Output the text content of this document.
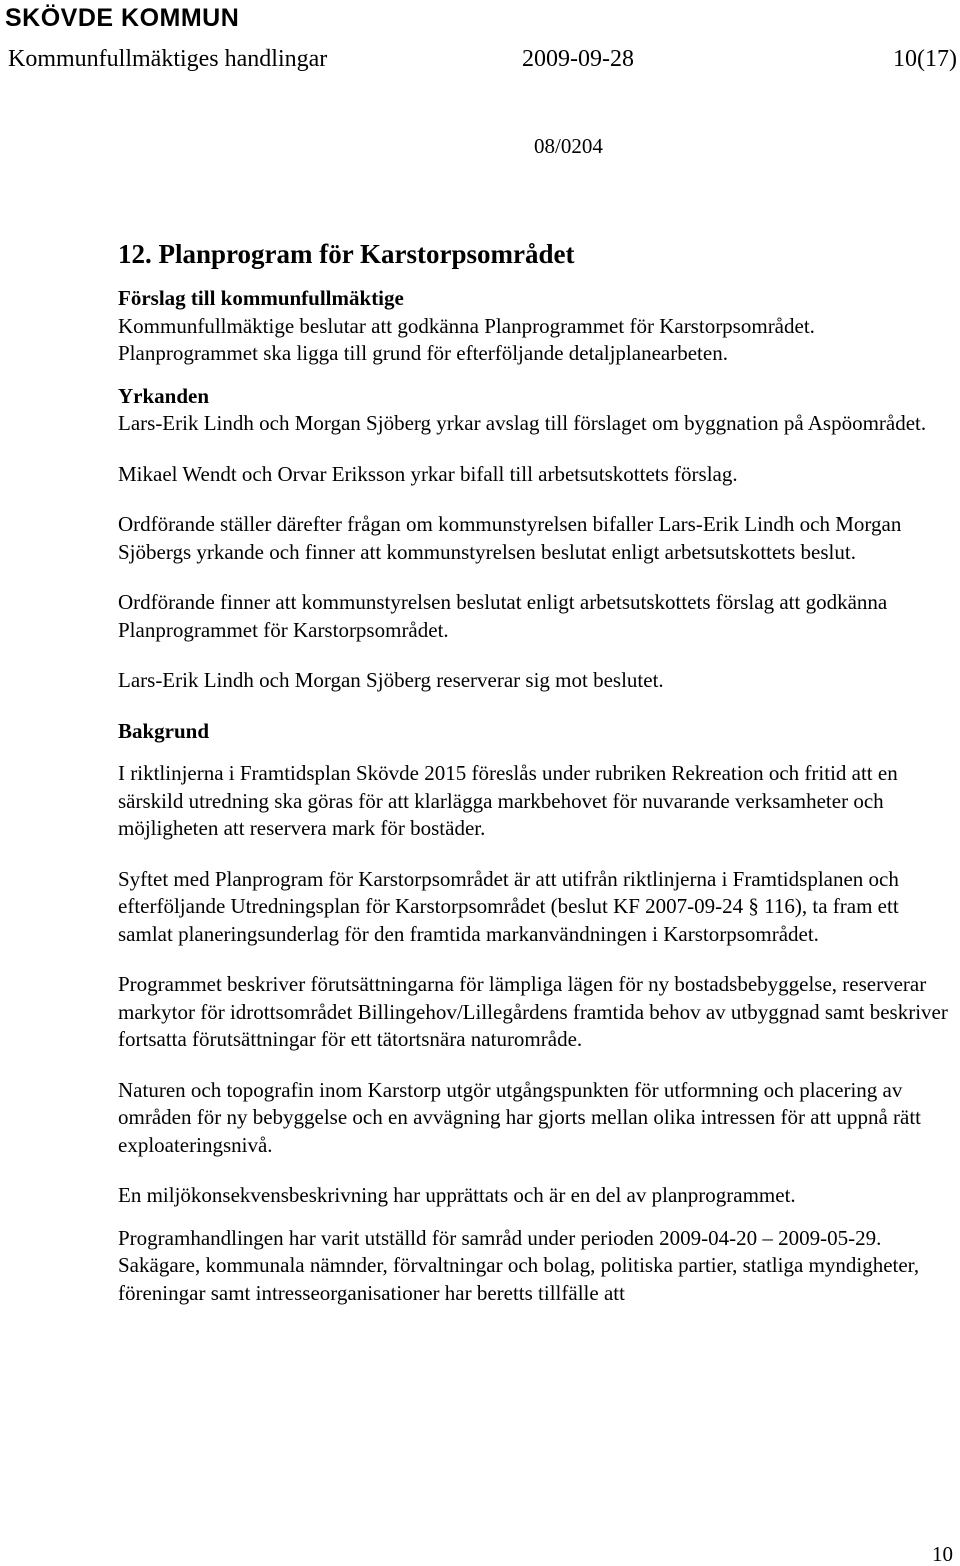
SKÖVDE KOMMUN
Kommunfullmäktiges handlingar	2009-09-28	10(17)
08/0204

12. Planprogram för Karstorpsområdet

Förslag till kommunfullmäktige

Kommunfullmäktige beslutar att godkänna Planprogrammet för Karstorpsområdet.

Planprogrammet ska ligga till grund för efterföljande detaljplanearbeten.

Yrkanden

Lars-Erik Lindh och Morgan Sjöberg yrkar avslag till förslaget om byggnation på Aspöområdet.

Mikael Wendt och Orvar Eriksson yrkar bifall till arbetsutskottets förslag.

Ordförande ställer därefter frågan om kommunstyrelsen bifaller Lars-Erik Lindh och Morgan Sjöbergs yrkande och finner att kommunstyrelsen beslutat enligt arbetsutskottets beslut.

Ordförande finner att kommunstyrelsen beslutat enligt arbetsutskottets förslag att godkänna Planprogrammet för Karstorpsområdet.

Lars-Erik Lindh och Morgan Sjöberg reserverar sig mot beslutet.

Bakgrund

I riktlinjerna i Framtidsplan Skövde 2015 föreslås under rubriken Rekreation och fritid att en särskild utredning ska göras för att klarlägga markbehovet för nuvarande verksamheter och möjligheten att reservera mark för bostäder.

Syftet med Planprogram för Karstorpsområdet är att utifrån riktlinjerna i Framtidsplanen och efterföljande Utredningsplan för Karstorpsområdet (beslut KF 2007-09-24 § 116), ta fram ett samlat planeringsunderlag för den framtida markanvändningen i Karstorpsområdet.

Programmet beskriver förutsättningarna för lämpliga lägen för ny bostadsbebyggelse, reserverar markytor för idrottsområdet Billingehov/Lillegårdens framtida behov av utbyggnad samt beskriver fortsatta förutsättningar för ett tätortsnära naturområde.

Naturen och topografin inom Karstorp utgör utgångspunkten för utformning och placering av områden för ny bebyggelse och en avvägning har gjorts mellan olika intressen för att uppnå rätt exploateringsnivå.

En miljökonsekvensbeskrivning har upprättats och är en del av planprogrammet.

Programhandlingen har varit utställd för samråd under perioden 2009-04-20 – 2009-05-29. Sakägare, kommunala nämnder, förvaltningar och bolag, politiska partier, statliga myndigheter, föreningar samt intresseorganisationer har beretts tillfälle att

10
